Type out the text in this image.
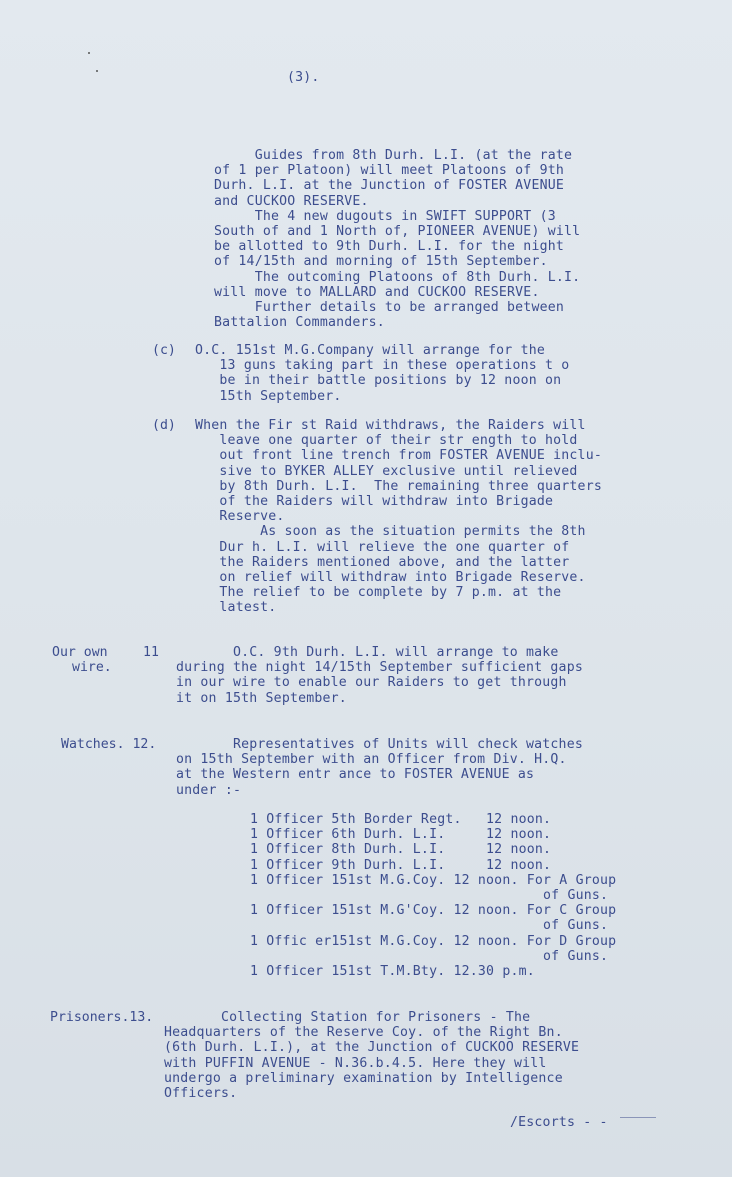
(3).
Guides from 8th Durh. L.I. (at the rate
of 1 per Platoon) will meet Platoons of 9th
Durh. L.I. at the Junction of FOSTER AVENUE
and CUCKOO RESERVE.
The 4 new dugouts in SWIFT SUPPORT (3
South of and 1 North of, PIONEER AVENUE) will
be allotted to 9th Durh. L.I. for the night
of 14/15th and morning of 15th September.
The outcoming Platoons of 8th Durh. L.I.
will move to MALLARD and CUCKOO RESERVE.
Further details to be arranged between
Battalion Commanders.
(c) O.C. 151st M.G.Company will arrange for the
13 guns taking part in these operations t o
be in their battle positions by 12 noon on
15th September.
(d) When the Fir st Raid withdraws, the Raiders will
leave one quarter of their str ength to hold
out front line trench from FOSTER AVENUE inclu-
sive to BYKER ALLEY exclusive until relieved
by 8th Durh. L.I.  The remaining three quarters
of the Raiders will withdraw into Brigade
Reserve.
As soon as the situation permits the 8th
Dur h. L.I. will relieve the one quarter of
the Raiders mentioned above, and the latter
on relief will withdraw into Brigade Reserve.
The relief to be complete by 7 p.m. at the
latest.
Our own
wire.
11 O.C. 9th Durh. L.I. will arrange to make
during the night 14/15th September sufficient gaps
in our wire to enable our Raiders to get through
it on 15th September.
Watches. 12. Representatives of Units will check watches
on 15th September with an Officer from Div. H.Q.
at the Western entr ance to FOSTER AVENUE as
under :-
1 Officer 5th Border Regt.   12 noon.
1 Officer 6th Durh. L.I.     12 noon.
1 Officer 8th Durh. L.I.     12 noon.
1 Officer 9th Durh. L.I.     12 noon.
1 Officer 151st M.G.Coy. 12 noon. For A Group
of Guns.
1 Officer 151st M.G'Coy. 12 noon. For C Group
of Guns.
1 Offic er151st M.G.Coy. 12 noon. For D Group
of Guns.
1 Officer 151st T.M.Bty. 12.30 p.m.
Prisoners.13. Collecting Station for Prisoners - The
Headquarters of the Reserve Coy. of the Right Bn.
(6th Durh. L.I.), at the Junction of CUCKOO RESERVE
with PUFFIN AVENUE - N.36.b.4.5. Here they will
undergo a preliminary examination by Intelligence
Officers.
/Escorts - -
